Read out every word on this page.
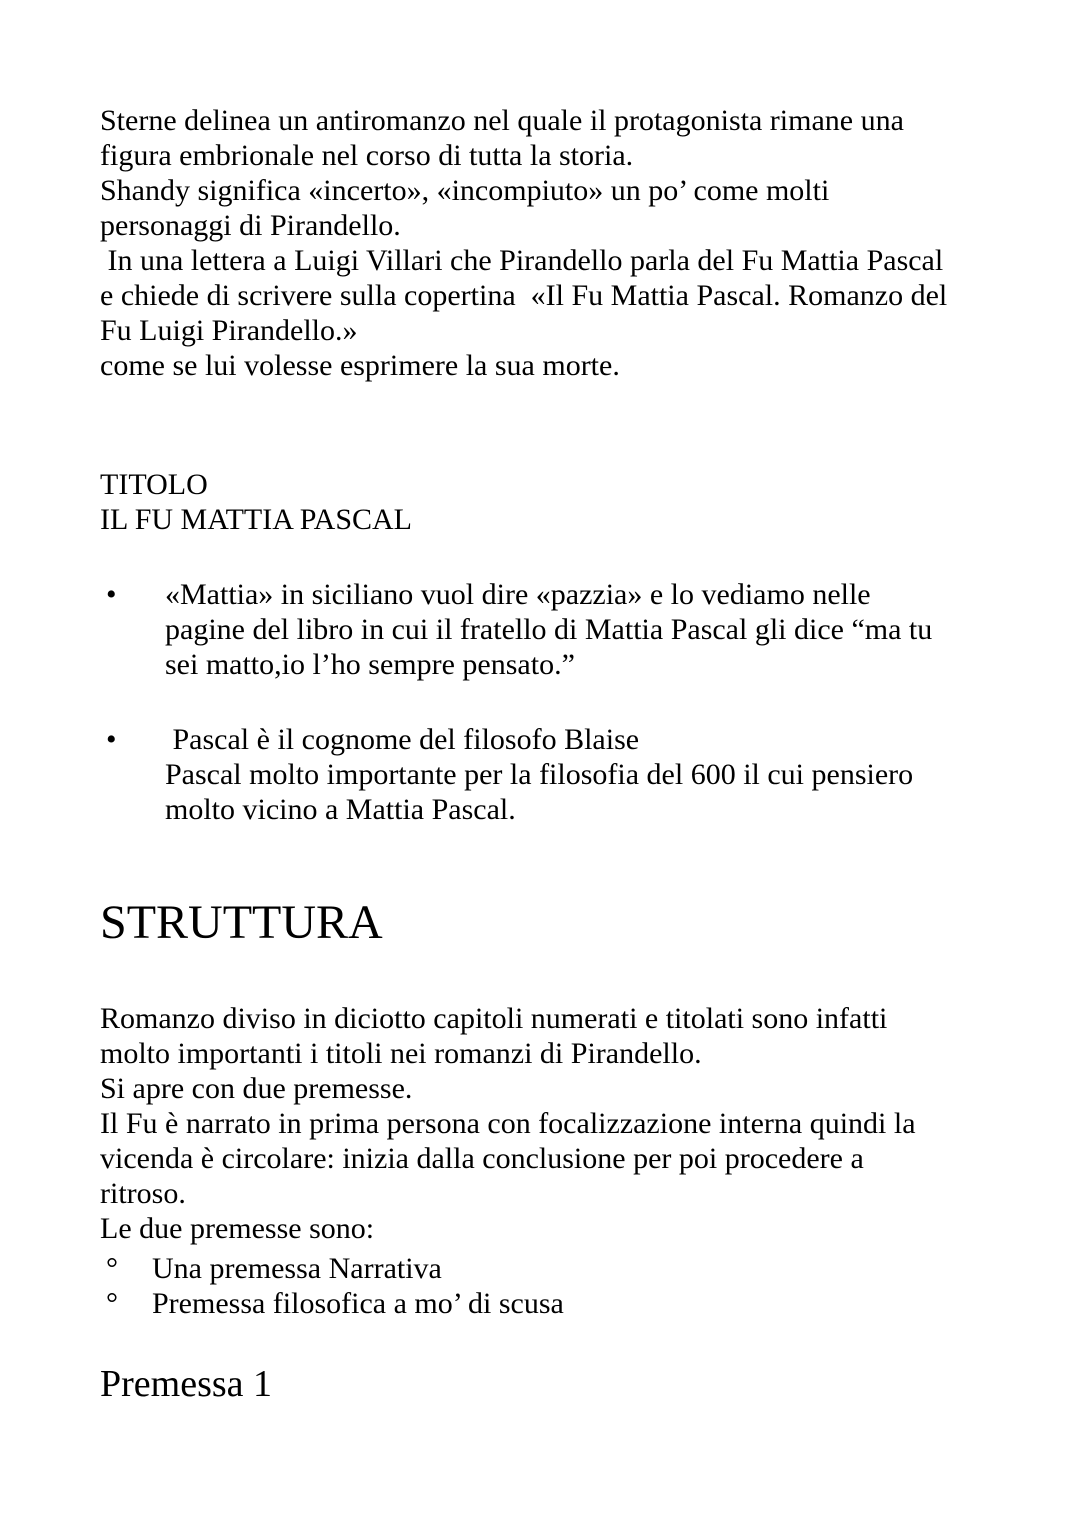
Sterne delinea un antiromanzo nel quale il protagonista rimane una
figura embrionale nel corso di tutta la storia.
Shandy significa «incerto», «incompiuto» un po’ come molti
personaggi di Pirandello.
In una lettera a Luigi Villari che Pirandello parla del Fu Mattia Pascal
e chiede di scrivere sulla copertina  «Il Fu Mattia Pascal. Romanzo del
Fu Luigi Pirandello.»
come se lui volesse esprimere la sua morte.

TITOLO

IL FU MATTIA PASCAL

•	«Mattia» in siciliano vuol dire «pazzia» e lo vediamo nelle
pagine del libro in cui il fratello di Mattia Pascal gli dice “ma tu
sei matto,io l’ho sempre pensato.”
•	Pascal è il cognome del filosofo Blaise
Pascal molto importante per la filosofia del 600 il cui pensiero
molto vicino a Mattia Pascal.
STRUTTURA

Romanzo diviso in diciotto capitoli numerati e titolati sono infatti
molto importanti i titoli nei romanzi di Pirandello.
Si apre con due premesse.
Il Fu è narrato in prima persona con focalizzazione interna quindi la
vicenda è circolare: inizia dalla conclusione per poi procedere a
ritroso.
Le due premesse sono:

°	Una premessa Narrativa
°	Premessa filosofica a mo’ di scusa
Premessa 1
